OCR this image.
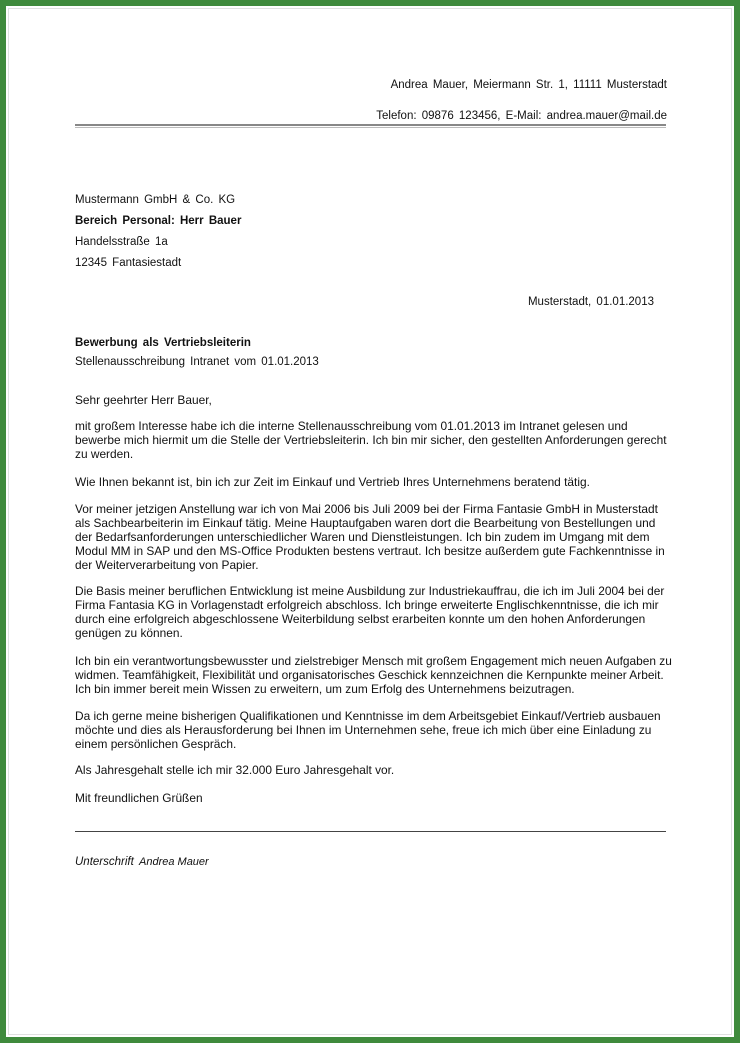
Andrea Mauer, Meiermann Str. 1, 11111 Musterstadt
Telefon: 09876 123456, E-Mail: andrea.mauer@mail.de
Mustermann GmbH & Co. KG
Bereich Personal: Herr Bauer
Handelsstraße 1a
12345 Fantasiestadt
Musterstadt, 01.01.2013
Bewerbung als Vertriebsleiterin
Stellenausschreibung Intranet vom 01.01.2013
Sehr geehrter Herr Bauer,
mit großem Interesse habe ich die interne Stellenausschreibung vom 01.01.2013 im Intranet gelesen und bewerbe mich hiermit um die Stelle der Vertriebsleiterin. Ich bin mir sicher, den gestellten Anforderungen gerecht zu werden.
Wie Ihnen bekannt ist, bin ich zur Zeit im Einkauf und Vertrieb Ihres Unternehmens beratend tätig.
Vor meiner jetzigen Anstellung war ich von Mai 2006 bis Juli 2009 bei der Firma Fantasie GmbH in Musterstadt als Sachbearbeiterin im Einkauf tätig. Meine Hauptaufgaben waren dort die Bearbeitung von Bestellungen und der Bedarfsanforderungen unterschiedlicher Waren und Dienstleistungen. Ich bin zudem im Umgang mit dem Modul MM in SAP und den MS-Office Produkten bestens vertraut. Ich besitze außerdem gute Fachkenntnisse in der Weiterverarbeitung von Papier.
Die Basis meiner beruflichen Entwicklung ist meine Ausbildung zur Industriekauffrau, die ich im Juli 2004 bei der Firma Fantasia KG in Vorlagenstadt erfolgreich abschloss. Ich bringe erweiterte Englischkenntnisse, die ich mir durch eine erfolgreich abgeschlossene Weiterbildung selbst erarbeiten konnte um den hohen Anforderungen genügen zu können.
Ich bin ein verantwortungsbewusster und zielstrebiger Mensch mit großem Engagement mich neuen Aufgaben zu widmen. Teamfähigkeit, Flexibilität und organisatorisches Geschick kennzeichnen die Kernpunkte meiner Arbeit. Ich bin immer bereit mein Wissen zu erweitern, um zum Erfolg des Unternehmens beizutragen.
Da ich gerne meine bisherigen Qualifikationen und Kenntnisse im dem Arbeitsgebiet Einkauf/Vertrieb ausbauen möchte und dies als Herausforderung bei Ihnen im Unternehmen sehe, freue ich mich über eine Einladung zu einem persönlichen Gespräch.
Als Jahresgehalt stelle ich mir 32.000 Euro Jahresgehalt vor.
Mit freundlichen Grüßen
Unterschrift Andrea Mauer
